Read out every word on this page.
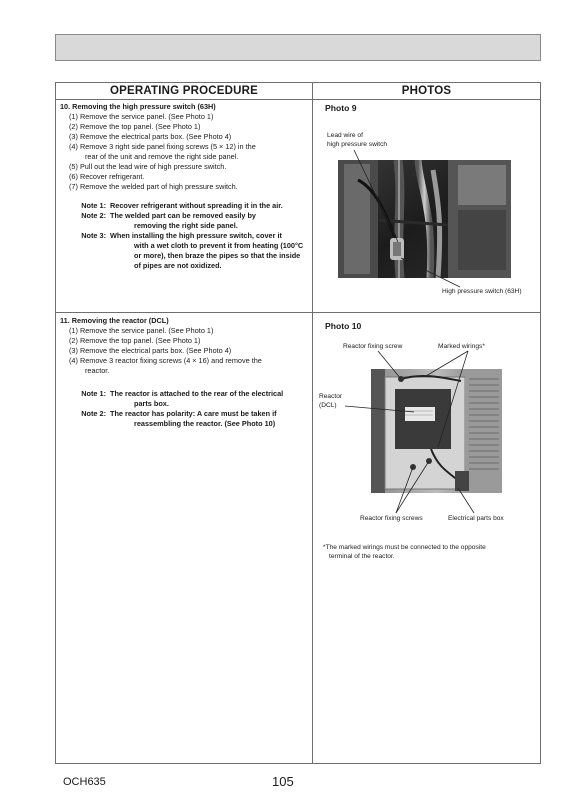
OPERATING PROCEDURE	PHOTOS
10. Removing the high pressure switch (63H)
(1) Remove the service panel. (See Photo 1)
(2) Remove the top panel. (See Photo 1)
(3) Remove the electrical parts box. (See Photo 4)
(4) Remove 3 right side panel fixing screws (5 × 12) in the
rear of the unit and remove the right side panel.
(5) Pull out the lead wire of high pressure switch.
(6) Recover refrigerant.
(7) Remove the welded part of high pressure switch.
Note 1: Recover refrigerant without spreading it in the air.
Note 2: The welded part can be removed easily by
removing the right side panel.
Note 3: When installing the high pressure switch, cover it
with a wet cloth to prevent it from heating (100°C
or more), then braze the pipes so that the inside
of pipes are not oxidized.
11. Removing the reactor (DCL)
(1) Remove the service panel. (See Photo 1)
(2) Remove the top panel. (See Photo 1)
(3) Remove the electrical parts box. (See Photo 4)
(4) Remove 3 reactor fixing screws (4 × 16) and remove the
reactor.
Note 1: The reactor is attached to the rear of the electrical
parts box.
Note 2: The reactor has polarity: A care must be taken if
reassembling the reactor. (See Photo 10)
Photo 9
Lead wire of
high pressure switch
High pressure switch (63H)
Photo 10
Reactor fixing screw	Marked wirings*
Reactor
(DCL)
Reactor fixing screws	Electrical parts box
*The marked wirings must be connected to the opposite
terminal of the reactor.
OCH635	105
